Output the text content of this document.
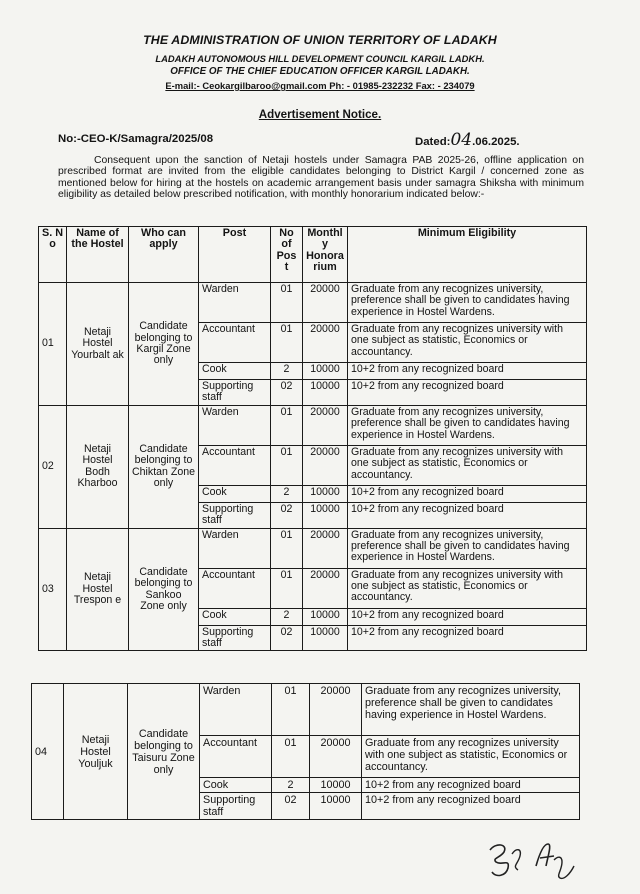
THE ADMINISTRATION OF UNION TERRITORY OF LADAKH
LADAKH AUTONOMOUS HILL DEVELOPMENT COUNCIL KARGIL LADKH.
OFFICE OF THE CHIEF EDUCATION OFFICER KARGIL LADAKH.
E-mail:- Ceokargilbaroo@gmail.com Ph: - 01985-232232 Fax: - 234079
Advertisement Notice.
No:-CEO-K/Samagra/2025/08	Dated:04.06.2025.
Consequent upon the sanction of Netaji hostels under Samagra PAB 2025-26, offline application on prescribed format are invited from the eligible candidates belonging to District Kargil / concerned zone as mentioned below for hiring at the hostels on academic arrangement basis under samagra Shiksha with minimum eligibility as detailed below prescribed notification, with monthly honorarium indicated below:-
S. N o	Name of the Hostel	Who can apply	Post	No of Pos t	Monthl y Honora rium	Minimum Eligibility
01	Netaji Hostel Yourbalt ak	Candidate belonging to Kargil Zone only	Warden	01	20000	Graduate from any recognizes university, preference shall be given to candidates having experience in Hostel Wardens.
			Accountant	01	20000	Graduate from any recognizes university with one subject as statistic, Economics or accountancy.
			Cook	2	10000	10+2 from any recognized board
			Supporting staff	02	10000	10+2 from any recognized board
02	Netaji Hostel Bodh Kharboo	Candidate belonging to Chiktan Zone only	Warden	01	20000	Graduate from any recognizes university, preference shall be given to candidates having experience in Hostel Wardens.
			Accountant	01	20000	Graduate from any recognizes university with one subject as statistic, Economics or accountancy.
			Cook	2	10000	10+2 from any recognized board
			Supporting staff	02	10000	10+2 from any recognized board
03	Netaji Hostel Trespon e	Candidate belonging to Sankoo Zone only	Warden	01	20000	Graduate from any recognizes university, preference shall be given to candidates having experience in Hostel Wardens.
			Accountant	01	20000	Graduate from any recognizes university with one subject as statistic, Economics or accountancy.
			Cook	2	10000	10+2 from any recognized board
			Supporting staff	02	10000	10+2 from any recognized board
04	Netaji Hostel Youljuk	Candidate belonging to Taisuru Zone only	Warden	01	20000	Graduate from any recognizes university, preference shall be given to candidates having experience in Hostel Wardens.
			Accountant	01	20000	Graduate from any recognizes university with one subject as statistic, Economics or accountancy.
			Cook	2	10000	10+2 from any recognized board
			Supporting staff	02	10000	10+2 from any recognized board
